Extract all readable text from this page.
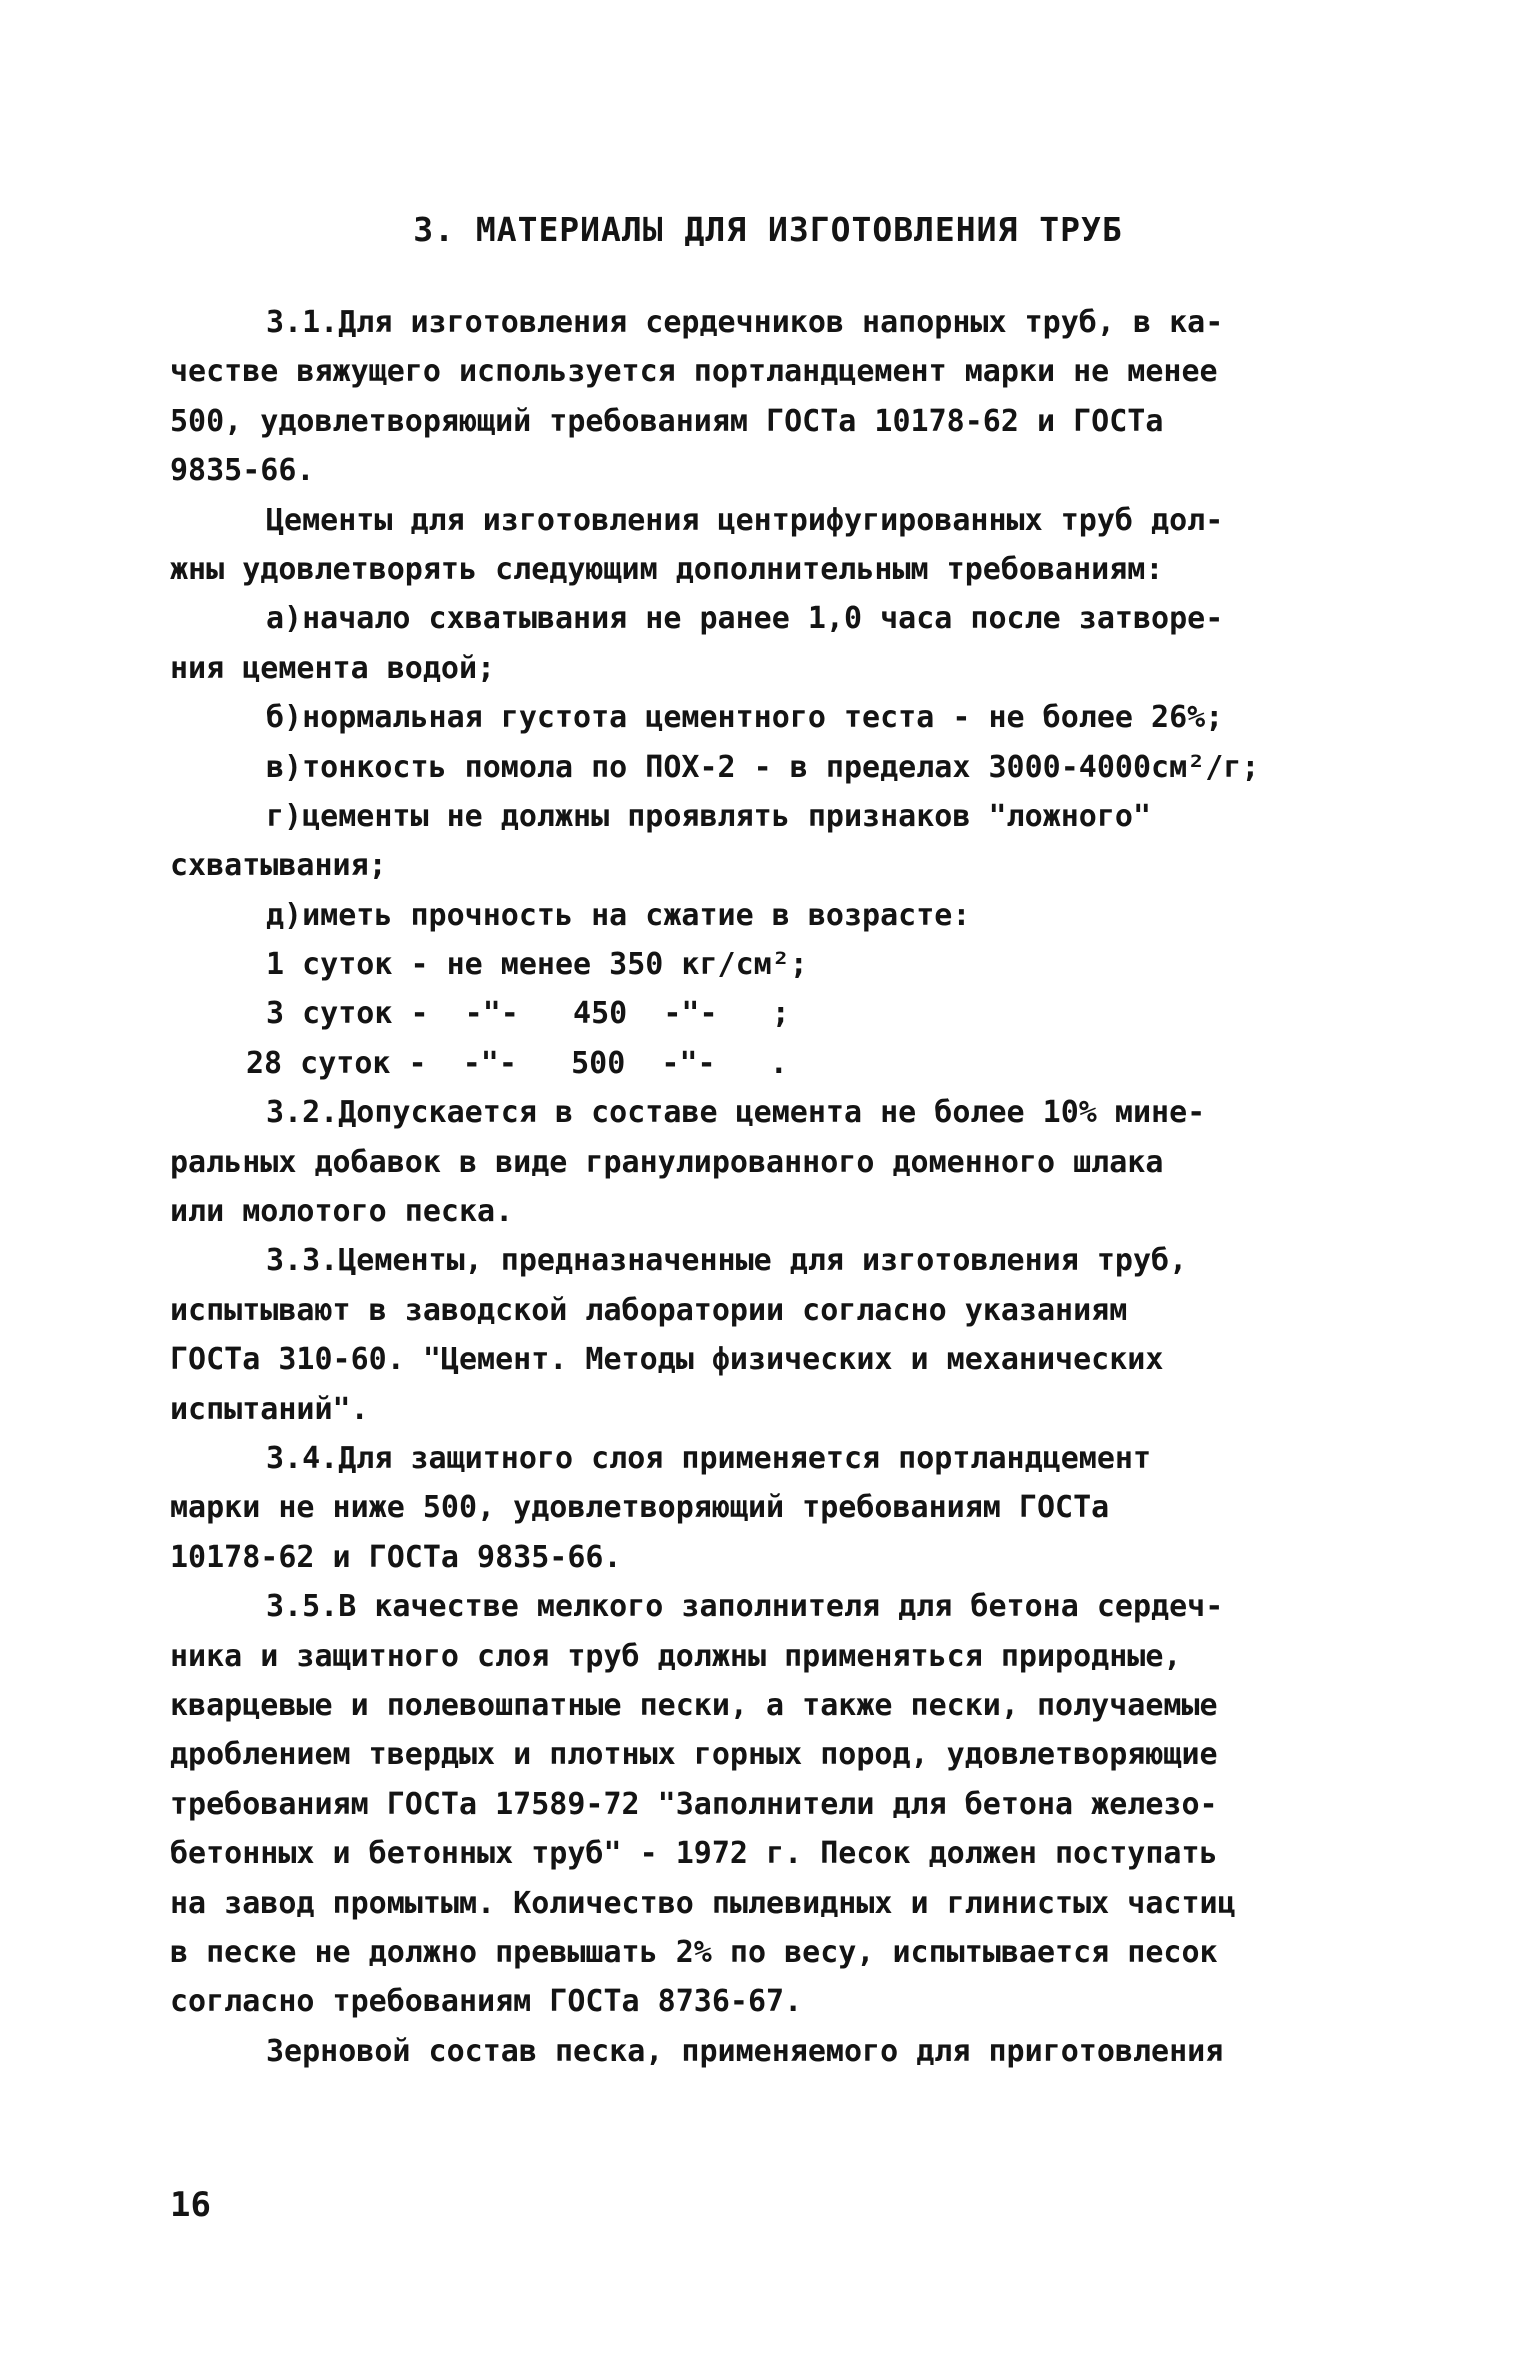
3. МАТЕРИАЛЫ ДЛЯ ИЗГОТОВЛЕНИЯ ТРУБ
3.1.Для изготовления сердечников напорных труб, в ка-
честве вяжущего используется портландцемент марки не менее
500, удовлетворяющий требованиям ГОСТа 10178-62 и ГОСТа
9835-66.
Цементы для изготовления центрифугированных труб дол-
жны удовлетворять следующим дополнительным требованиям:
а)начало схватывания не ранее 1,0 часа после затворе-
ния цемента водой;
б)нормальная густота цементного теста - не более 26%;
в)тонкость помола по ПОХ-2 - в пределах 3000-4000см²/г;
г)цементы не должны проявлять признаков "ложного"
схватывания;
д)иметь прочность на сжатие в возрасте:
1 суток - не менее 350 кг/см²;
3 суток -  -"-   450  -"-   ;
28 суток -  -"-   500  -"-   .
3.2.Допускается в составе цемента не более 10% мине-
ральных добавок в виде гранулированного доменного шлака
или молотого песка.
3.3.Цементы, предназначенные для изготовления труб,
испытывают в заводской лаборатории согласно указаниям
ГОСТа 310-60. "Цемент. Методы физических и механических
испытаний".
3.4.Для защитного слоя применяется портландцемент
марки не ниже 500, удовлетворяющий требованиям ГОСТа
10178-62 и ГОСТа 9835-66.
3.5.В качестве мелкого заполнителя для бетона сердеч-
ника и защитного слоя труб должны применяться природные,
кварцевые и полевошпатные пески, а также пески, получаемые
дроблением твердых и плотных горных пород, удовлетворяющие
требованиям ГОСТа 17589-72 "Заполнители для бетона железо-
бетонных и бетонных труб" - 1972 г. Песок должен поступать
на завод промытым. Количество пылевидных и глинистых частиц
в песке не должно превышать 2% по весу, испытывается песок
согласно требованиям ГОСТа 8736-67.
Зерновой состав песка, применяемого для приготовления
16
